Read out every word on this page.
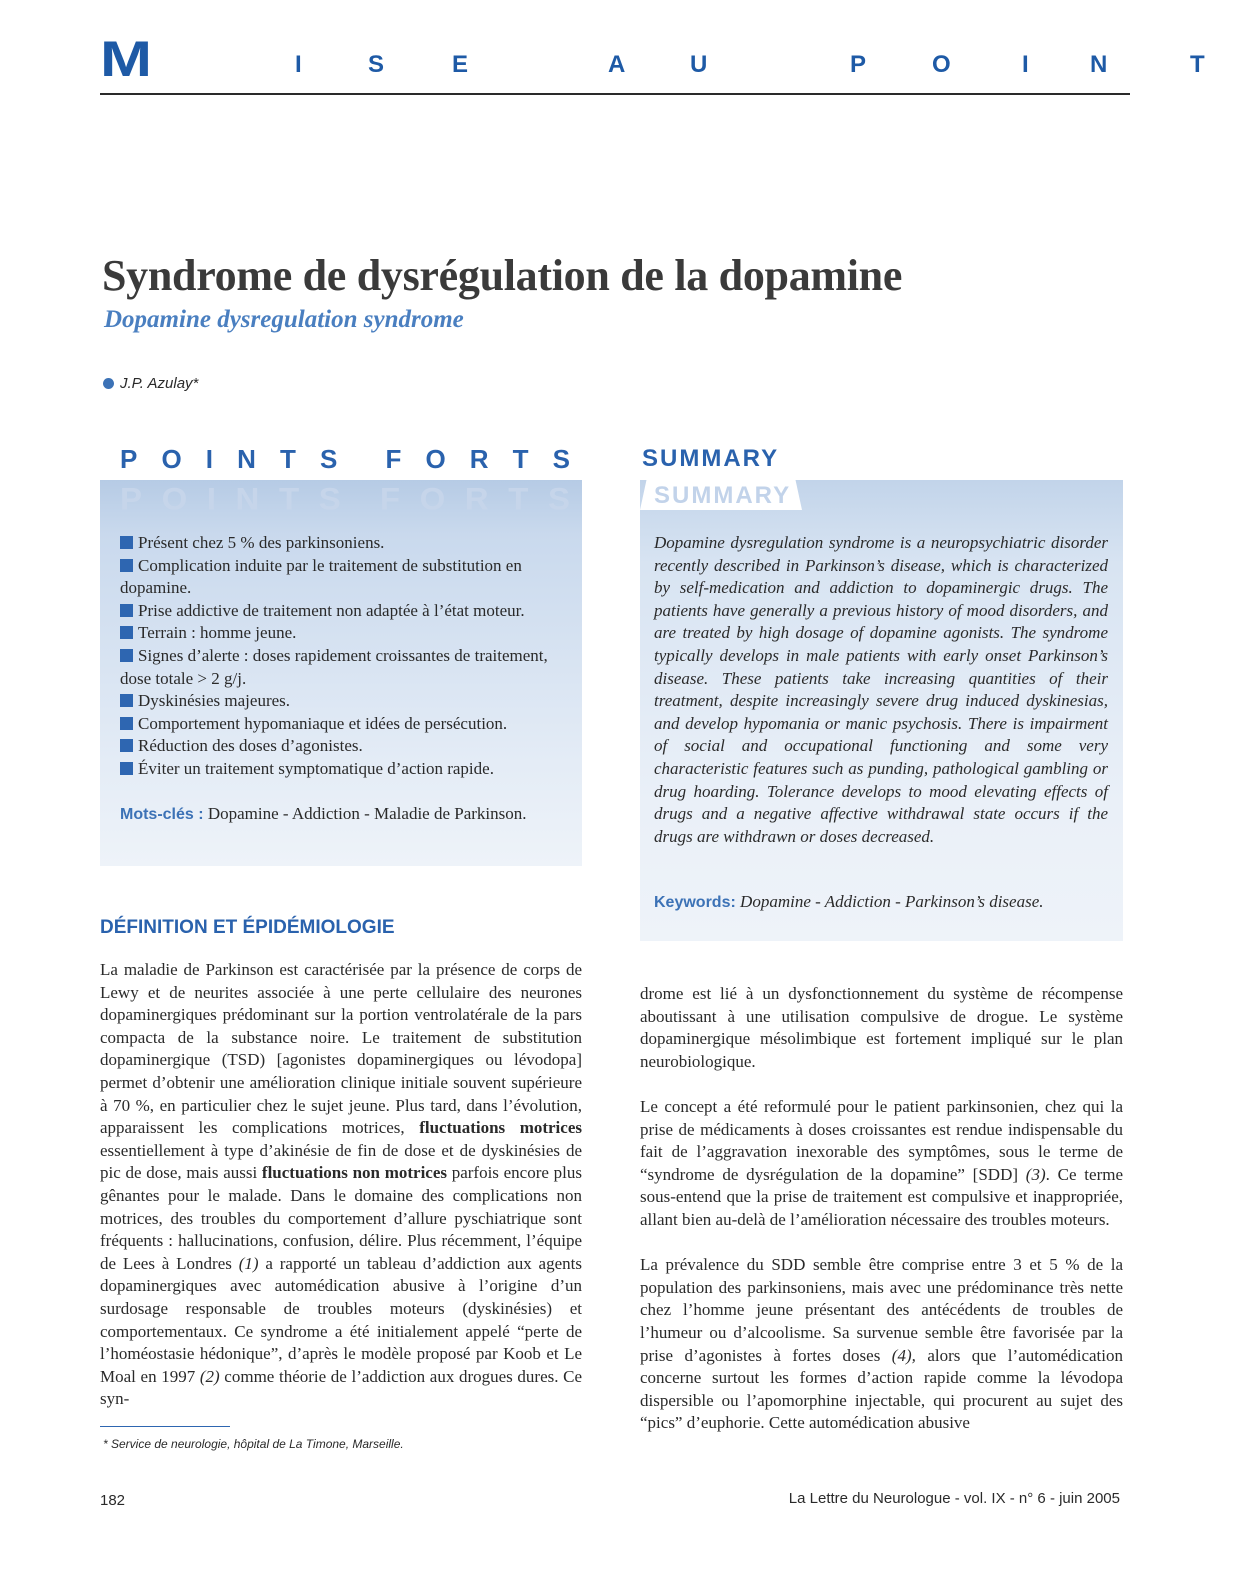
M	I	S	E	A	U	P	O	I	N	T
Syndrome de dysrégulation de la dopamine
Dopamine dysregulation syndrome
J.P. Azulay*
P O I N T S F O R T S
P O I N T S F O R T S
Présent chez 5 % des parkinsoniens.
Complication induite par le traitement de substitution en dopamine.
Prise addictive de traitement non adaptée à l’état moteur.
Terrain : homme jeune.
Signes d’alerte : doses rapidement croissantes de traitement, dose totale > 2 g/j.
Dyskinésies majeures.
Comportement hypomaniaque et idées de persécution.
Réduction des doses d’agonistes.
Éviter un traitement symptomatique d’action rapide.
Mots-clés : Dopamine - Addiction - Maladie de Parkinson.
SUMMARY
SUMMARY

Dopamine dysregulation syndrome is a neuropsychiatric disorder recently described in Parkinson’s disease, which is characterized by self-medication and addiction to dopaminergic drugs. The patients have generally a previous history of mood disorders, and are treated by high dosage of dopamine agonists. The syndrome typically develops in male patients with early onset Parkinson’s disease. These patients take increasing quantities of their treatment, despite increasingly severe drug induced dyskinesias, and develop hypomania or manic psychosis. There is impairment of social and occupational functioning and some very characteristic features such as punding, pathological gambling or drug hoarding. Tolerance develops to mood elevating effects of drugs and a negative affective withdrawal state occurs if the drugs are withdrawn or doses decreased.

Keywords: Dopamine - Addiction - Parkinson’s disease.
DÉFINITION ET ÉPIDÉMIOLOGIE

La maladie de Parkinson est caractérisée par la présence de corps de Lewy et de neurites associée à une perte cellulaire des neurones dopaminergiques prédominant sur la portion ventrolatérale de la pars compacta de la substance noire. Le traitement de substitution dopaminergique (TSD) [agonistes dopaminergiques ou lévodopa] permet d’obtenir une amélioration clinique initiale souvent supérieure à 70 %, en particulier chez le sujet jeune. Plus tard, dans l’évolution, apparaissent les complications motrices, fluctuations motrices essentiellement à type d’akinésie de fin de dose et de dyskinésies de pic de dose, mais aussi fluctuations non motrices parfois encore plus gênantes pour le malade. Dans le domaine des complications non motrices, des troubles du comportement d’allure pyschiatrique sont fréquents : hallucinations, confusion, délire. Plus récemment, l’équipe de Lees à Londres (1) a rapporté un tableau d’addiction aux agents dopaminergiques avec automédication abusive à l’origine d’un surdosage responsable de troubles moteurs (dyskinésies) et comportementaux. Ce syndrome a été initialement appelé “perte de l’homéostasie hédonique”, d’après le modèle proposé par Koob et Le Moal en 1997 (2) comme théorie de l’addiction aux drogues dures. Ce syn-

drome est lié à un dysfonctionnement du système de récompense aboutissant à une utilisation compulsive de drogue. Le système dopaminergique mésolimbique est fortement impliqué sur le plan neurobiologique.

Le concept a été reformulé pour le patient parkinsonien, chez qui la prise de médicaments à doses croissantes est rendue indispensable du fait de l’aggravation inexorable des symptômes, sous le terme de “syndrome de dysrégulation de la dopamine” [SDD] (3). Ce terme sous-entend que la prise de traitement est compulsive et inappropriée, allant bien au-delà de l’amélioration nécessaire des troubles moteurs.

La prévalence du SDD semble être comprise entre 3 et 5 % de la population des parkinsoniens, mais avec une prédominance très nette chez l’homme jeune présentant des antécédents de troubles de l’humeur ou d’alcoolisme. Sa survenue semble être favorisée par la prise d’agonistes à fortes doses (4), alors que l’automédication concerne surtout les formes d’action rapide comme la lévodopa dispersible ou l’apomorphine injectable, qui procurent au sujet des “pics” d’euphorie. Cette automédication abusive

* Service de neurologie, hôpital de La Timone, Marseille.
182	La Lettre du Neurologue - vol. IX - n° 6 - juin 2005
